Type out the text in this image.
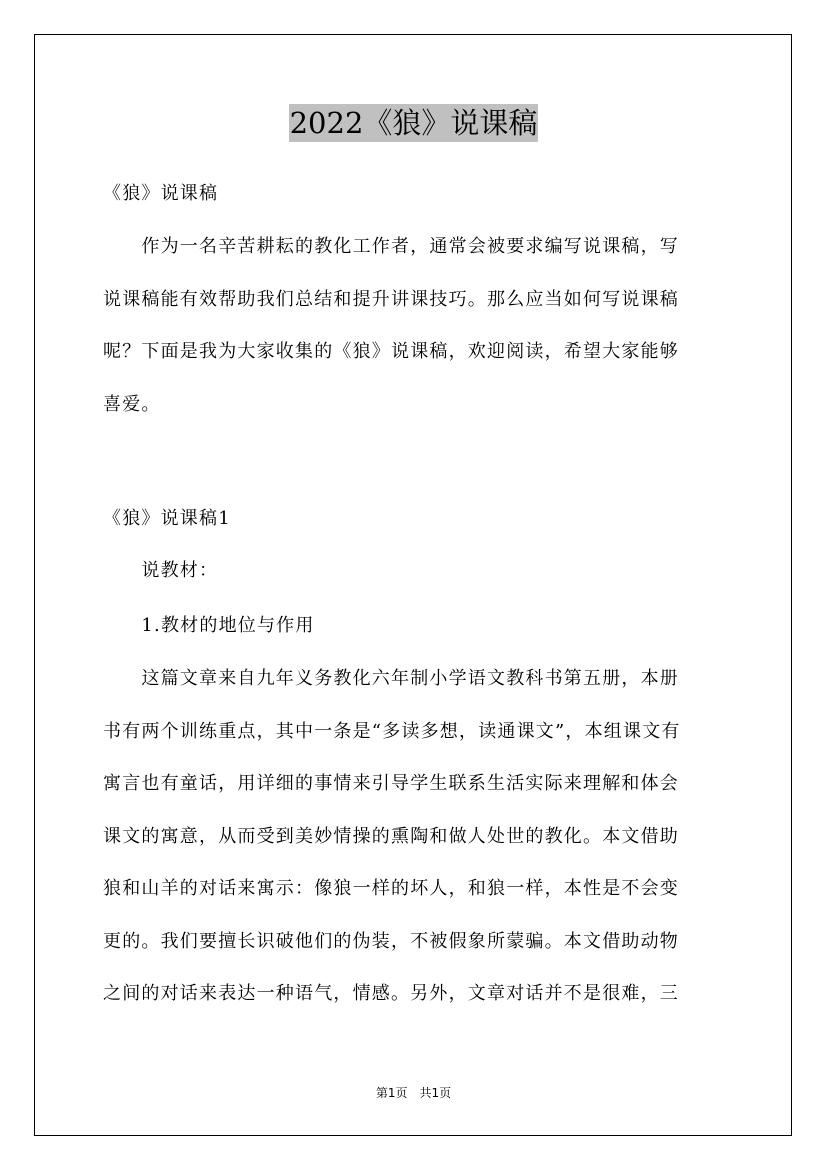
2022《狼》说课稿

《狼》说课稿

　　作为一名辛苦耕耘的教化工作者，通常会被要求编写说课稿，写
说课稿能有效帮助我们总结和提升讲课技巧。那么应当如何写说课稿
呢？下面是我为大家收集的《狼》说课稿，欢迎阅读，希望大家能够
喜爱。

《狼》说课稿1

　　说教材：

　　1.教材的地位与作用

　　这篇文章来自九年义务教化六年制小学语文教科书第五册，本册
书有两个训练重点，其中一条是“多读多想，读通课文”，本组课文有
寓言也有童话，用详细的事情来引导学生联系生活实际来理解和体会
课文的寓意，从而受到美妙情操的熏陶和做人处世的教化。本文借助
狼和山羊的对话来寓示：像狼一样的坏人，和狼一样，本性是不会变
更的。我们要擅长识破他们的伪装，不被假象所蒙骗。本文借助动物
之间的对话来表达一种语气，情感。另外，文章对话并不是很难，三

第1页　共1页
